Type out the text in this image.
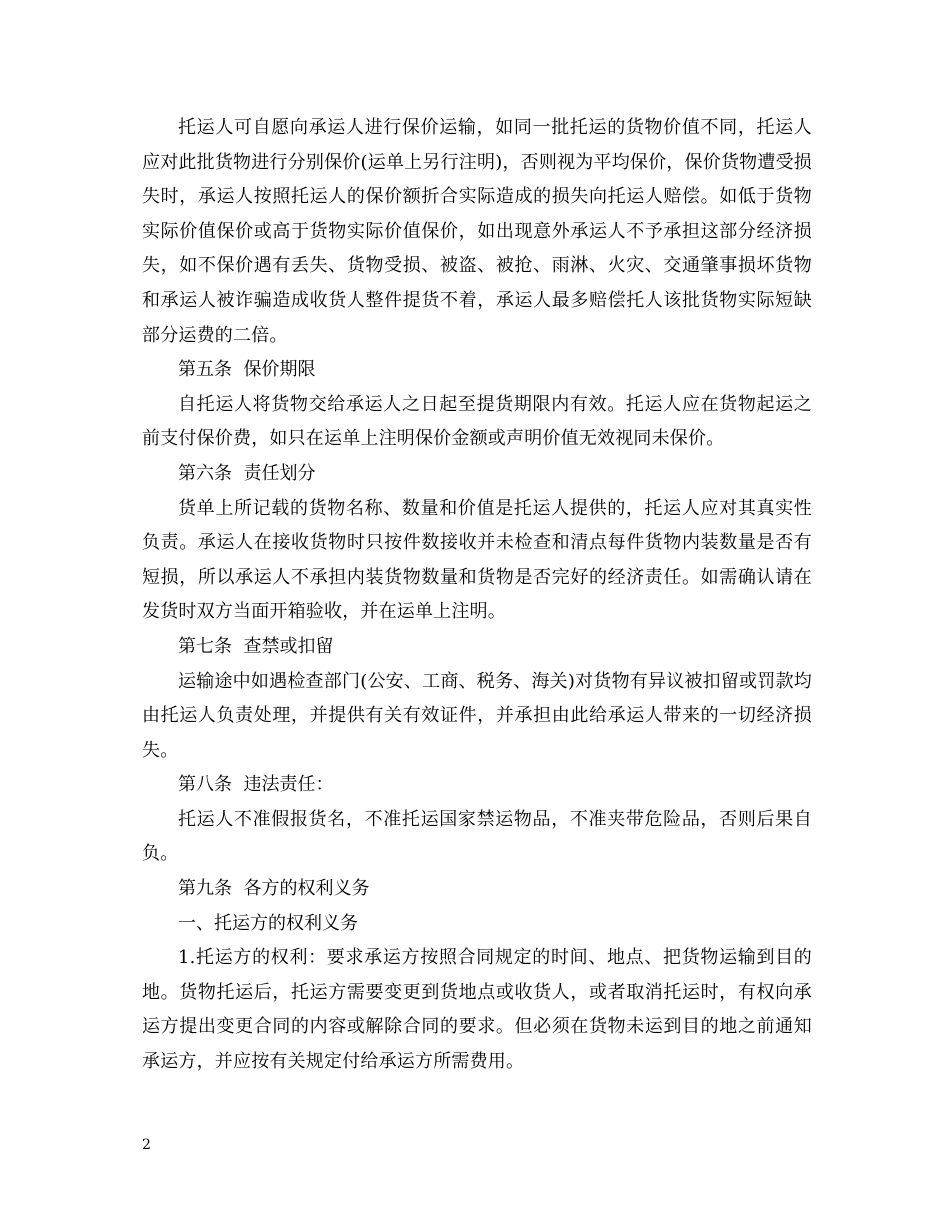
托运人可自愿向承运人进行保价运输，如同一批托运的货物价值不同，托运人应对此批货物进行分别保价(运单上另行注明)，否则视为平均保价，保价货物遭受损失时，承运人按照托运人的保价额折合实际造成的损失向托运人赔偿。如低于货物实际价值保价或高于货物实际价值保价，如出现意外承运人不予承担这部分经济损失，如不保价遇有丢失、货物受损、被盗、被抢、雨淋、火灾、交通肇事损坏货物和承运人被诈骗造成收货人整件提货不着，承运人最多赔偿托人该批货物实际短缺部分运费的二倍。

第五条  保价期限

自托运人将货物交给承运人之日起至提货期限内有效。托运人应在货物起运之前支付保价费，如只在运单上注明保价金额或声明价值无效视同未保价。

第六条  责任划分

货单上所记载的货物名称、数量和价值是托运人提供的，托运人应对其真实性负责。承运人在接收货物时只按件数接收并未检查和清点每件货物内装数量是否有短损，所以承运人不承担内装货物数量和货物是否完好的经济责任。如需确认请在发货时双方当面开箱验收，并在运单上注明。

第七条  查禁或扣留

运输途中如遇检查部门(公安、工商、税务、海关)对货物有异议被扣留或罚款均由托运人负责处理，并提供有关有效证件，并承担由此给承运人带来的一切经济损失。

第八条  违法责任：

托运人不准假报货名，不准托运国家禁运物品，不准夹带危险品，否则后果自负。

第九条  各方的权利义务

一、托运方的权利义务

1.托运方的权利：要求承运方按照合同规定的时间、地点、把货物运输到目的地。货物托运后，托运方需要变更到货地点或收货人，或者取消托运时，有权向承运方提出变更合同的内容或解除合同的要求。但必须在货物未运到目的地之前通知承运方，并应按有关规定付给承运方所需费用。

2
